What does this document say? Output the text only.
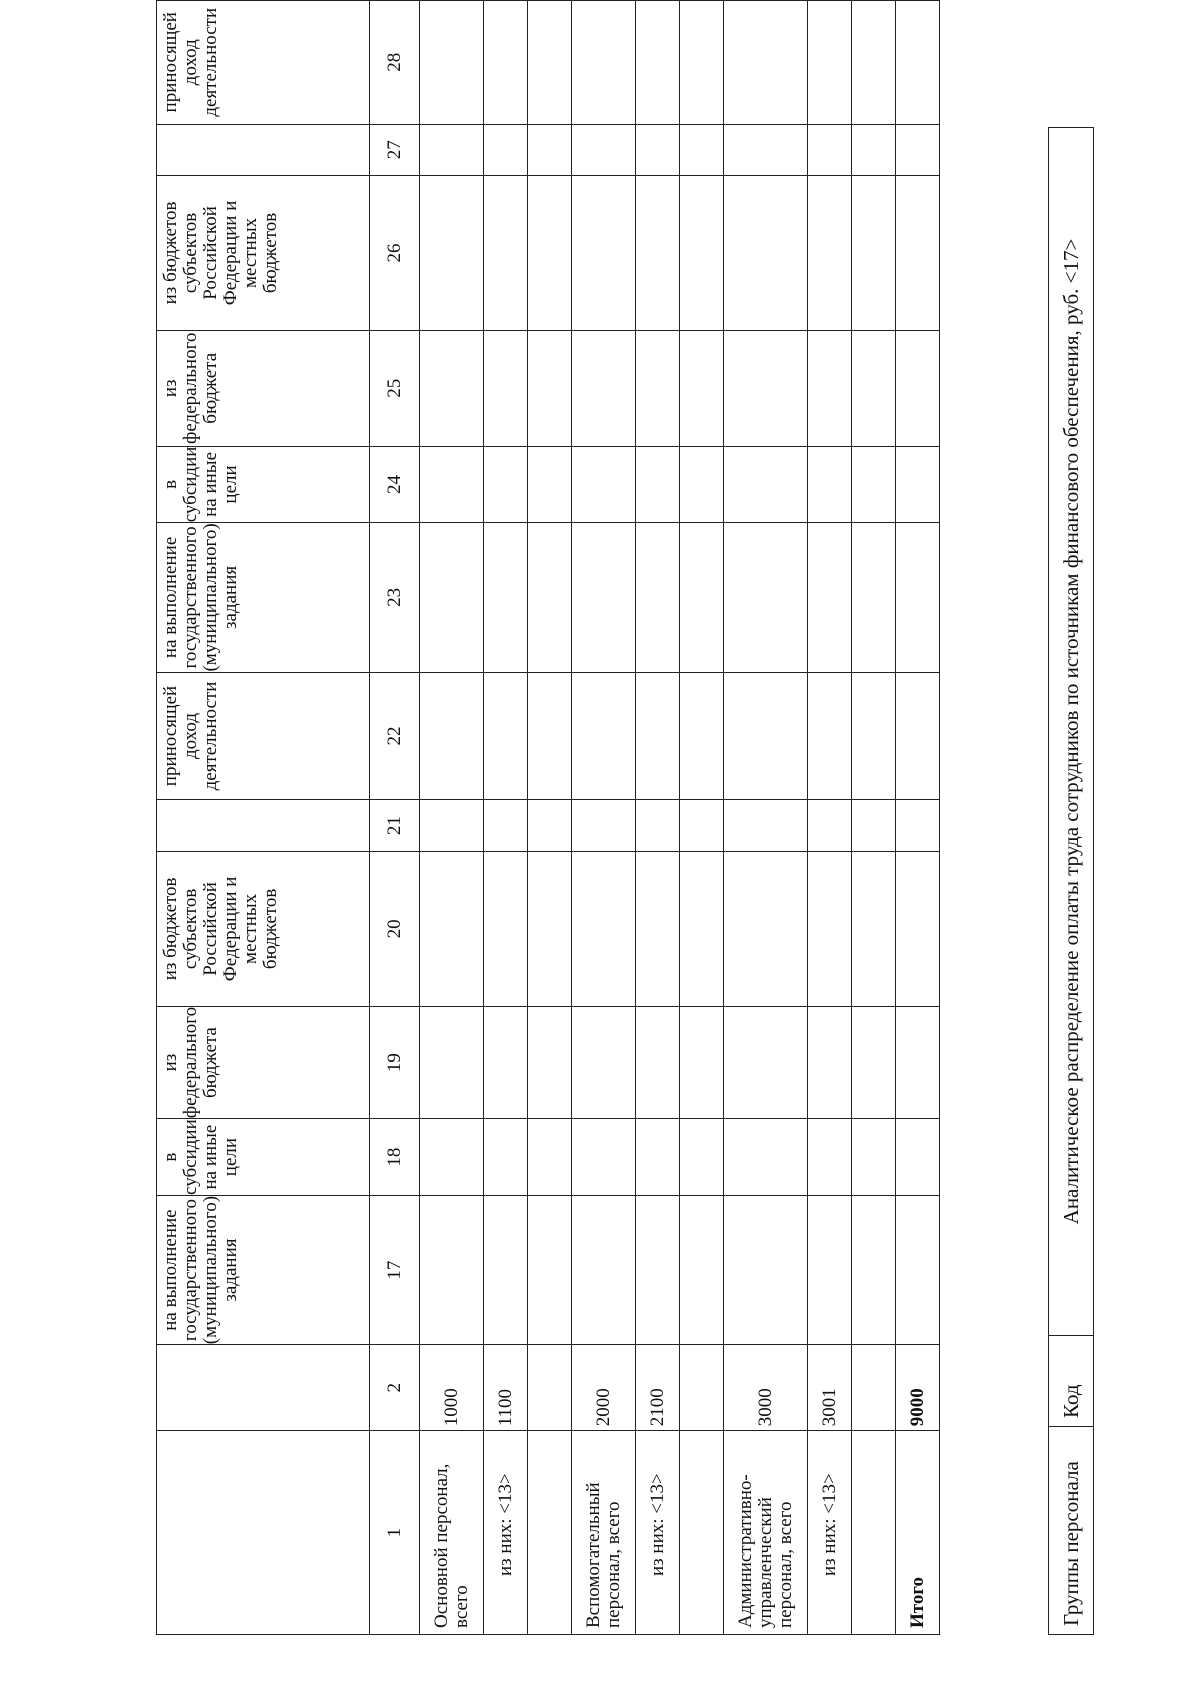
		на выполнение государственного (муниципального) задания	в субсидии на иные цели	из федерального бюджета	из бюджетов субъектов Российской Федерации и местных бюджетов		приносящей доход деятельности	на выполнение государственного (муниципального) задания	в субсидии на иные цели	из федерального бюджета	из бюджетов субъектов Российской Федерации и местных бюджетов		приносящей доход деятельности
1	2	17	18	19	20	21	22	23	24	25	26	27	28
Основной персонал, всего	1000												
из них: <13>	1100												

Вспомогательный персонал, всего	2000												
из них: <13>	2100												

Административно-управленческий персонал, всего	3000												
из них: <13>	3001												

Итого	9000												
Группы персонала	Код	Аналитическое распределение оплаты труда сотрудников по источникам финансового обеспечения, руб. <17>
